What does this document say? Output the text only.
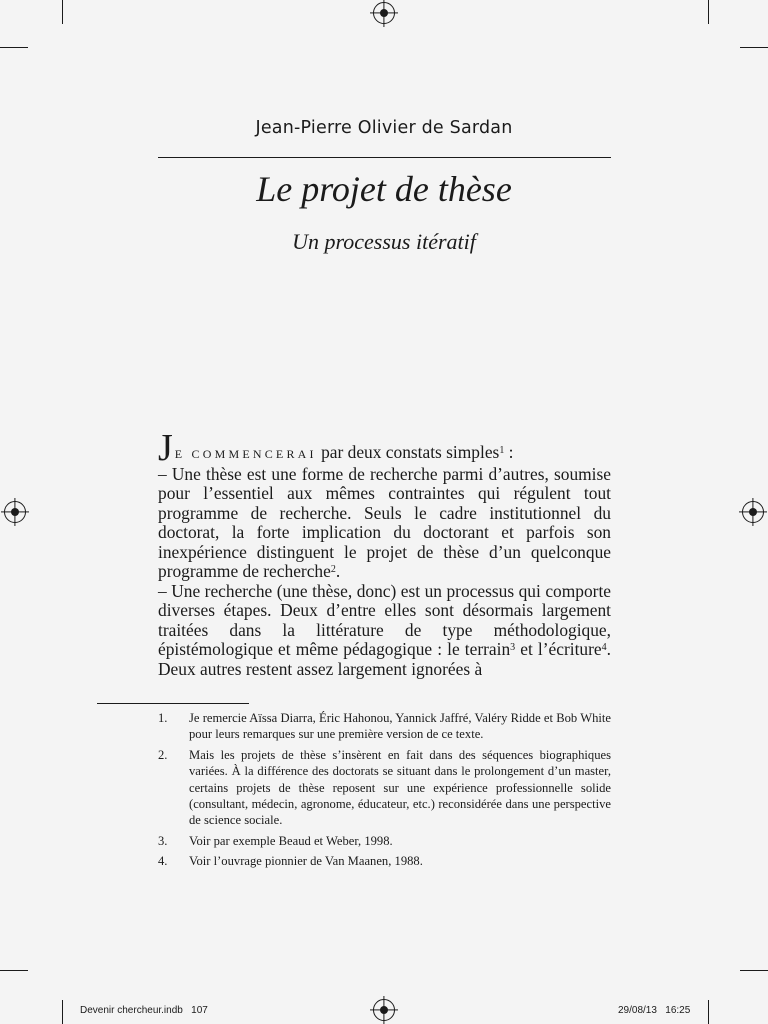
Jean-Pierre Olivier de Sardan
Le projet de thèse
Un processus itératif

JE COMMENCERAI par deux constats simples$^1$ :

– Une thèse est une forme de recherche parmi d’autres, soumise pour l’essentiel aux mêmes contraintes qui régulent tout programme de recherche. Seuls le cadre institutionnel du doctorat, la forte implication du doctorant et parfois son inexpérience distinguent le projet de thèse d’un quelconque programme de recherche$^2$.

– Une recherche (une thèse, donc) est un processus qui comporte diverses étapes. Deux d’entre elles sont désormais largement traitées dans la littérature de type méthodologique, épistémologique et même pédagogique : le terrain$^3$ et l’écriture$^4$. Deux autres restent assez largement ignorées à

1.	Je remercie Aïssa Diarra, Éric Hahonou, Yannick Jaffré, Valéry Ridde et Bob White pour leurs remarques sur une première version de ce texte.
2.	Mais les projets de thèse s’insèrent en fait dans des séquences biographiques variées. À la différence des doctorats se situant dans le prolongement d’un master, certains projets de thèse reposent sur une expérience professionnelle solide (consultant, médecin, agronome, éducateur, etc.) reconsidérée dans une perspective de science sociale.
3.	Voir par exemple Beaud et Weber, 1998.
4.	Voir l’ouvrage pionnier de Van Maanen, 1988.
Devenir chercheur.indb   107	29/08/13   16:25
